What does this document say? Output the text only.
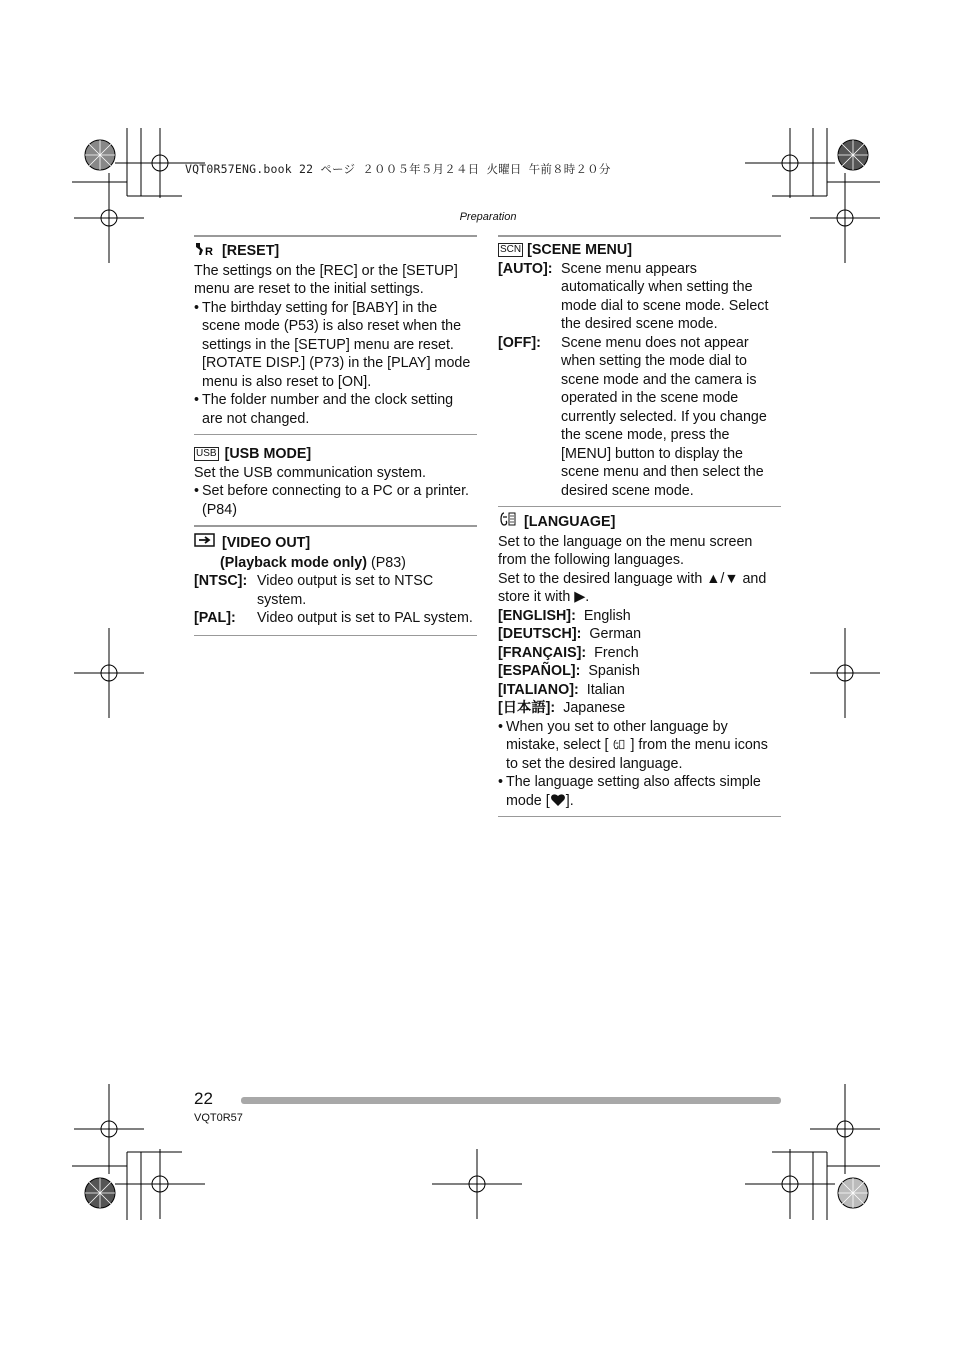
VQT0R57ENG.book 22 ページ ２００５年５月２４日 火曜日 午前８時２０分
Preparation
R [RESET]
The settings on the [REC] or the [SETUP] menu are reset to the initial settings.
• The birthday setting for [BABY] in the scene mode (P53) is also reset when the settings in the [SETUP] menu are reset. [ROTATE DISP.] (P73) in the [PLAY] mode menu is also reset to [ON].
• The folder number and the clock setting are not changed.
USB [USB MODE]
Set the USB communication system.
• Set before connecting to a PC or a printer. (P84)
[VIDEO OUT]
(Playback mode only) (P83)
[NTSC]: Video output is set to NTSC system.
[PAL]:	Video output is set to PAL system.
SCN [SCENE MENU]
[AUTO]: Scene menu appears automatically when setting the mode dial to scene mode. Select the desired scene mode.
[OFF]:	Scene menu does not appear when setting the mode dial to scene mode and the camera is operated in the scene mode currently selected. If you change the scene mode, press the [MENU] button to display the scene menu and then select the desired scene mode.
[LANGUAGE]
Set to the language on the menu screen from the following languages.
Set to the desired language with ▲/▼ and store it with ▶.
[ENGLISH]: English
[DEUTSCH]: German
[FRANÇAIS]: French
[ESPAÑOL]: Spanish
[ITALIANO]: Italian
[日本語]: Japanese
• When you set to other language by mistake, select [  ] from the menu icons to set the desired language.
• The language setting also affects simple mode [ ].
22
VQT0R57
